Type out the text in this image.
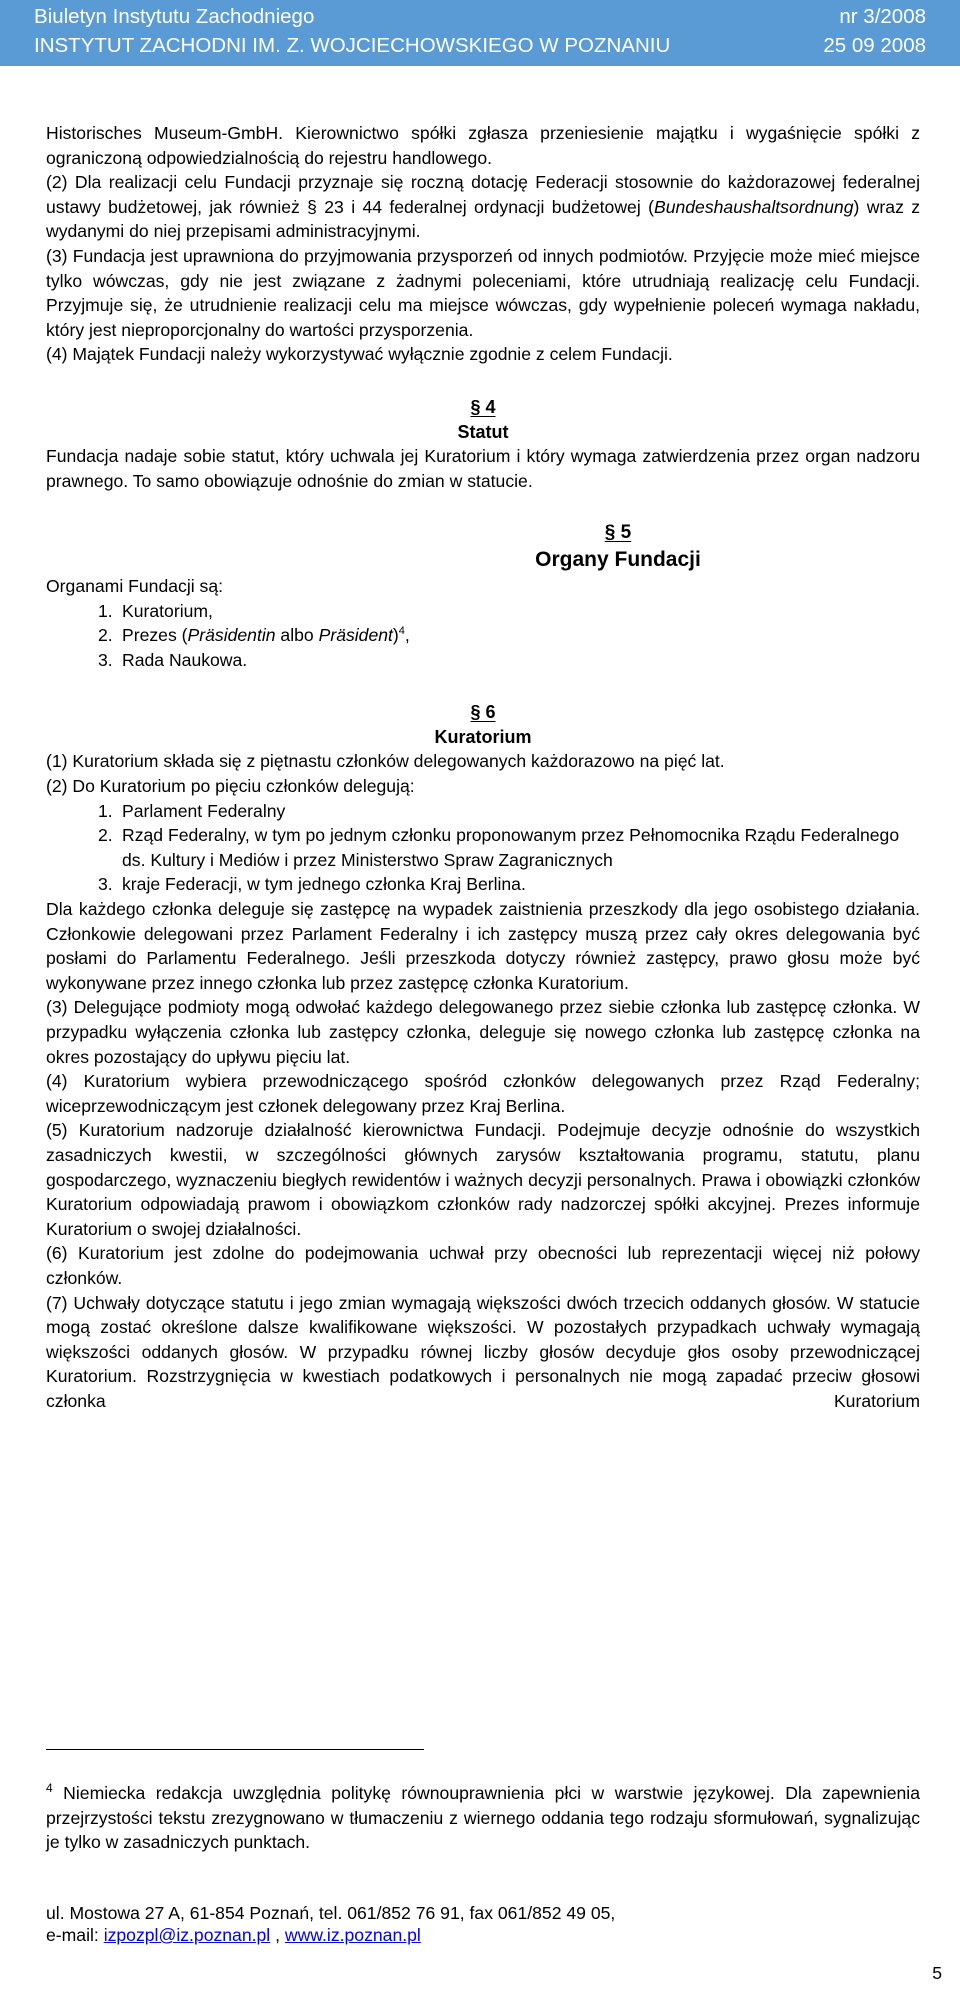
Biuletyn Instytutu Zachodniego	nr 3/2008
INSTYTUT ZACHODNI IM. Z. WOJCIECHOWSKIEGO W POZNANIU	25 09 2008

Historisches Museum-GmbH. Kierownictwo spółki zgłasza przeniesienie majątku i wygaśnięcie spółki z ograniczoną odpowiedzialnością do rejestru handlowego.

(2) Dla realizacji celu Fundacji przyznaje się roczną dotację Federacji stosownie do każdorazowej federalnej ustawy budżetowej, jak również § 23 i 44 federalnej ordynacji budżetowej (Bundeshaushaltsordnung) wraz z wydanymi do niej przepisami administracyjnymi.

(3) Fundacja jest uprawniona do przyjmowania przysporzeń od innych podmiotów. Przyjęcie może mieć miejsce tylko wówczas, gdy nie jest związane z żadnymi poleceniami, które utrudniają realizację celu Fundacji. Przyjmuje się, że utrudnienie realizacji celu ma miejsce wówczas, gdy wypełnienie poleceń wymaga nakładu, który jest nieproporcjonalny do wartości przysporzenia.

(4) Majątek Fundacji należy wykorzystywać wyłącznie zgodnie z celem Fundacji.

§ 4

Statut

Fundacja nadaje sobie statut, który uchwala jej Kuratorium i który wymaga zatwierdzenia przez organ nadzoru prawnego. To samo obowiązuje odnośnie do zmian w statucie.

§ 5

Organy Fundacji

Organami Fundacji są:

1. Kuratorium,
2. Prezes (Präsidentin albo Präsident)$^4$,
3. Rada Naukowa.

§ 6

Kuratorium

(1) Kuratorium składa się z piętnastu członków delegowanych każdorazowo na pięć lat.

(2) Do Kuratorium po pięciu członków delegują:

1. Parlament Federalny
2. Rząd Federalny, w tym po jednym członku proponowanym przez Pełnomocnika Rządu Federalnego ds. Kultury i Mediów i przez Ministerstwo Spraw Zagranicznych
3. kraje Federacji, w tym jednego członka Kraj Berlina.

Dla każdego członka deleguje się zastępcę na wypadek zaistnienia przeszkody dla jego osobistego działania. Członkowie delegowani przez Parlament Federalny i ich zastępcy muszą przez cały okres delegowania być posłami do Parlamentu Federalnego. Jeśli przeszkoda dotyczy również zastępcy, prawo głosu może być wykonywane przez innego członka lub przez zastępcę członka Kuratorium.

(3) Delegujące podmioty mogą odwołać każdego delegowanego przez siebie członka lub zastępcę członka. W przypadku wyłączenia członka lub zastępcy członka, deleguje się nowego członka lub zastępcę członka na okres pozostający do upływu pięciu lat.

(4) Kuratorium wybiera przewodniczącego spośród członków delegowanych przez Rząd Federalny; wiceprzewodniczącym jest członek delegowany przez Kraj Berlina.

(5) Kuratorium nadzoruje działalność kierownictwa Fundacji. Podejmuje decyzje odnośnie do wszystkich zasadniczych kwestii, w szczególności głównych zarysów kształtowania programu, statutu, planu gospodarczego, wyznaczeniu biegłych rewidentów i ważnych decyzji personalnych. Prawa i obowiązki członków Kuratorium odpowiadają prawom i obowiązkom członków rady nadzorczej spółki akcyjnej. Prezes informuje Kuratorium o swojej działalności.

(6) Kuratorium jest zdolne do podejmowania uchwał przy obecności lub reprezentacji więcej niż połowy członków.

(7) Uchwały dotyczące statutu i jego zmian wymagają większości dwóch trzecich oddanych głosów. W statucie mogą zostać określone dalsze kwalifikowane większości. W pozostałych przypadkach uchwały wymagają większości oddanych głosów. W przypadku równej liczby głosów decyduje głos osoby przewodniczącej Kuratorium. Rozstrzygnięcia w kwestiach podatkowych i personalnych nie mogą zapadać przeciw głosowi członka Kuratorium

$^4$ Niemiecka redakcja uwzględnia politykę równouprawnienia płci w warstwie językowej. Dla zapewnienia przejrzystości tekstu zrezygnowano w tłumaczeniu z wiernego oddania tego rodzaju sformułowań, sygnalizując je tylko w zasadniczych punktach.
ul. Mostowa 27 A, 61-854 Poznań, tel. 061/852 76 91, fax 061/852 49 05,
e-mail: izpozpl@iz.poznan.pl , www.iz.poznan.pl
5
